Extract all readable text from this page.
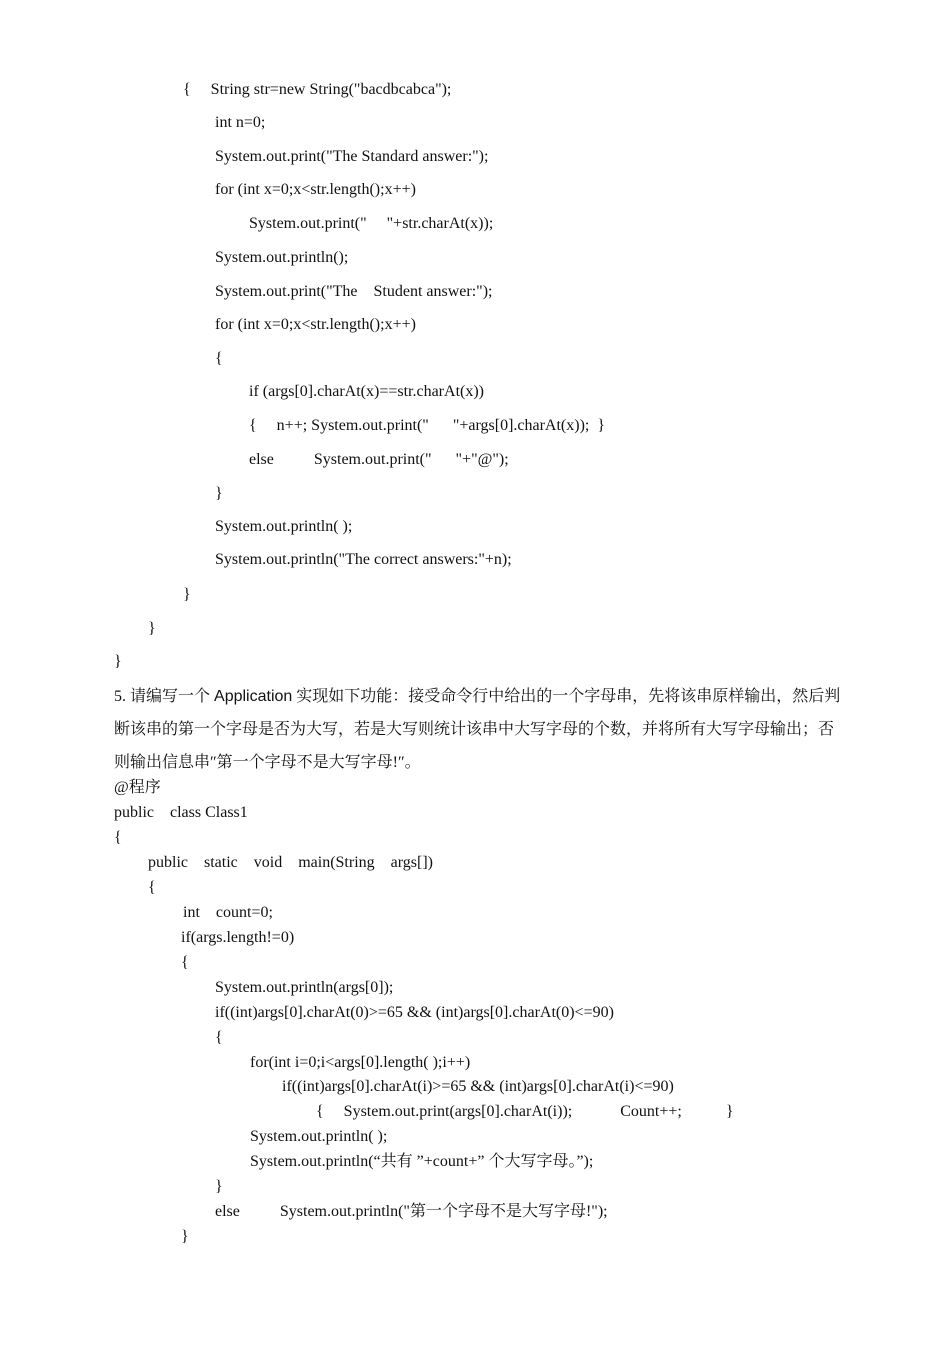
{     String str=new String("bacdbcabca");
int n=0;
System.out.print("The Standard answer:");
for (int x=0;x<str.length();x++)
System.out.print("     "+str.charAt(x));
System.out.println();
System.out.print("The    Student answer:");
for (int x=0;x<str.length();x++)
{
if (args[0].charAt(x)==str.charAt(x))
{     n++; System.out.print("      "+args[0].charAt(x));  }
else          System.out.print("      "+"@");
}
System.out.println( );
System.out.println("The correct answers:"+n);
}
}
}
5. 请编写一个 Application 实现如下功能：接受命令行中给出的一个字母串，先将该串原样输出，然后判断该串的第一个字母是否为大写，若是大写则统计该串中大写字母的个数，并将所有大写字母输出；否则输出信息串″第一个字母不是大写字母!″。
@程序
public    class Class1
{
public    static    void    main(String    args[])
{
int    count=0;
if(args.length!=0)
{
System.out.println(args[0]);
if((int)args[0].charAt(0)>=65 && (int)args[0].charAt(0)<=90)
{
for(int i=0;i<args[0].length( );i++)
if((int)args[0].charAt(i)>=65 && (int)args[0].charAt(i)<=90)
{     System.out.print(args[0].charAt(i));            Count++;           }
System.out.println( );
System.out.println(“共有 ”+count+” 个大写字母。”);
}
else          System.out.println("第一个字母不是大写字母!");
}
